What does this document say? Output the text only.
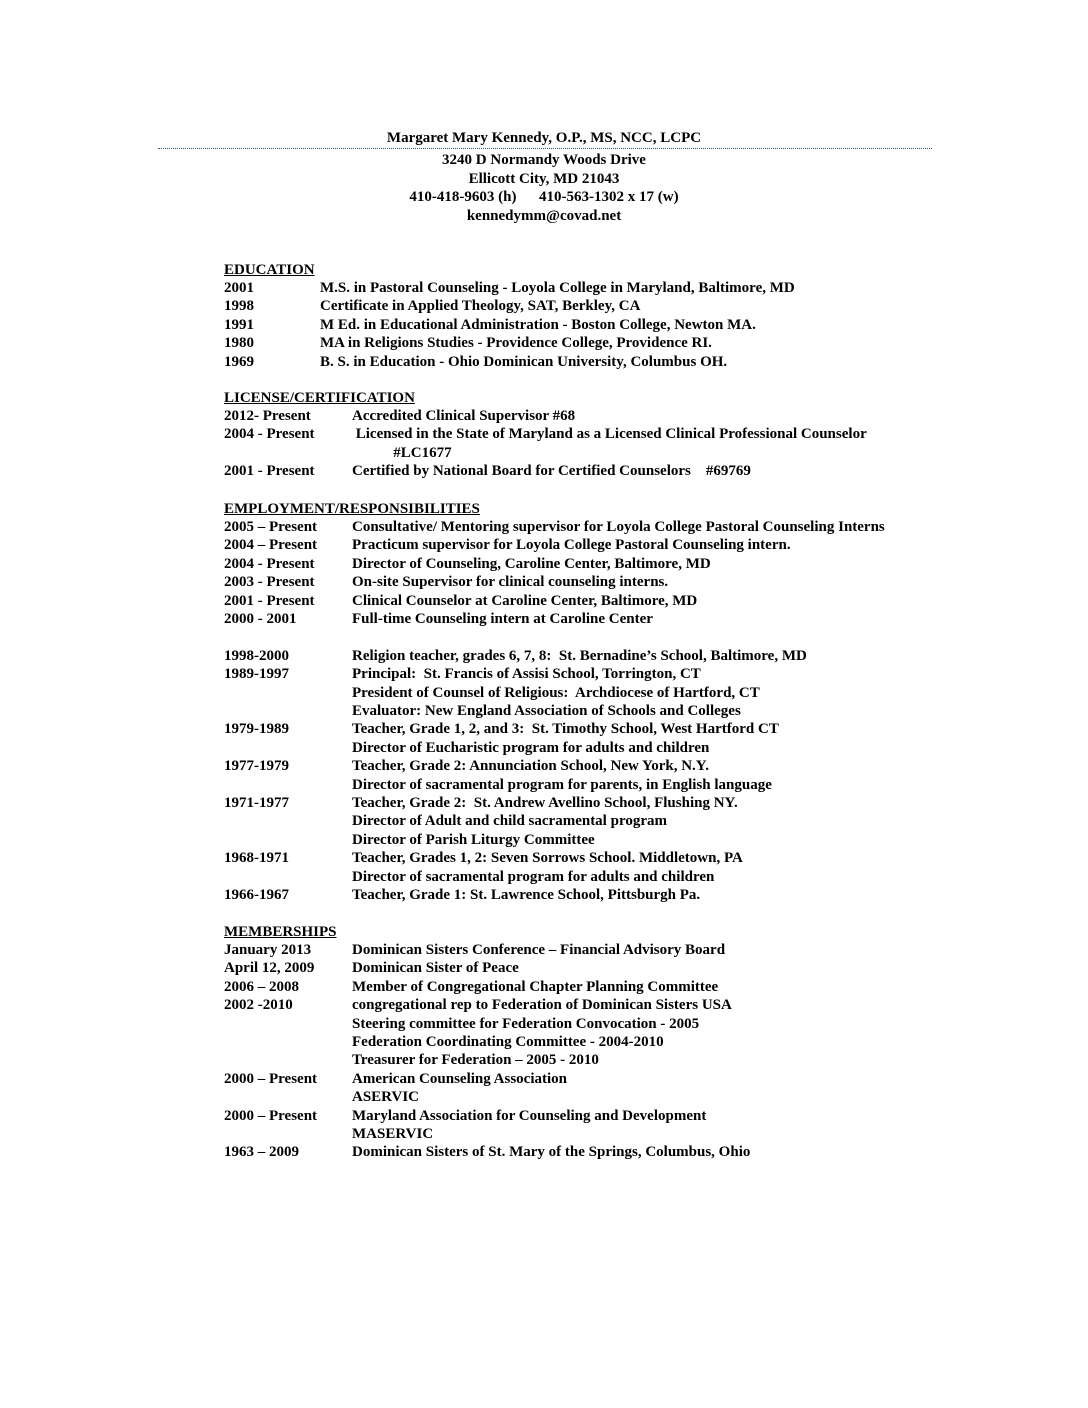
Margaret Mary Kennedy, O.P., MS, NCC, LCPC
3240 D Normandy Woods Drive
Ellicott City, MD 21043
410-418-9603 (h)      410-563-1302 x 17 (w)
kennedymm@covad.net
EDUCATION
2001	M.S. in Pastoral Counseling - Loyola College in Maryland, Baltimore, MD
1998	Certificate in Applied Theology, SAT, Berkley, CA
1991	M Ed. in Educational Administration - Boston College, Newton MA.
1980	MA in Religions Studies - Providence College, Providence RI.
1969	B. S. in Education - Ohio Dominican University, Columbus OH.
LICENSE/CERTIFICATION
2012- Present	Accredited Clinical Supervisor #68
2004 - Present Licensed in the State of Maryland as a Licensed Clinical Professional Counselor
#LC1677
2001 - Present Certified by National Board for Certified Counselors    #69769
EMPLOYMENT/RESPONSIBILITIES
2005 – Present Consultative/ Mentoring supervisor for Loyola College Pastoral Counseling Interns
2004 – Present Practicum supervisor for Loyola College Pastoral Counseling intern.
2004 - Present Director of Counseling, Caroline Center, Baltimore, MD
2003 - Present On-site Supervisor for clinical counseling interns.
2001 - Present Clinical Counselor at Caroline Center, Baltimore, MD
2000 - 2001	Full-time Counseling intern at Caroline Center
1998-2000	Religion teacher, grades 6, 7, 8:  St. Bernadine’s School, Baltimore, MD
1989-1997	Principal:  St. Francis of Assisi School, Torrington, CT
President of Counsel of Religious:  Archdiocese of Hartford, CT
Evaluator: New England Association of Schools and Colleges
1979-1989	Teacher, Grade 1, 2, and 3:  St. Timothy School, West Hartford CT
Director of Eucharistic program for adults and children
1977-1979	Teacher, Grade 2: Annunciation School, New York, N.Y.
Director of sacramental program for parents, in English language
1971-1977	Teacher, Grade 2:  St. Andrew Avellino School, Flushing NY.
Director of Adult and child sacramental program
Director of Parish Liturgy Committee
1968-1971	Teacher, Grades 1, 2: Seven Sorrows School. Middletown, PA
Director of sacramental program for adults and children
1966-1967	Teacher, Grade 1: St. Lawrence School, Pittsburgh Pa.
MEMBERSHIPS
January 2013	Dominican Sisters Conference – Financial Advisory Board
April 12, 2009	Dominican Sister of Peace
2006 – 2008	Member of Congregational Chapter Planning Committee
2002 -2010	congregational rep to Federation of Dominican Sisters USA
Steering committee for Federation Convocation - 2005
Federation Coordinating Committee - 2004-2010
Treasurer for Federation – 2005 - 2010
2000 – Present American Counseling Association
ASERVIC
2000 – Present Maryland Association for Counseling and Development
MASERVIC
1963 – 2009	Dominican Sisters of St. Mary of the Springs, Columbus, Ohio
